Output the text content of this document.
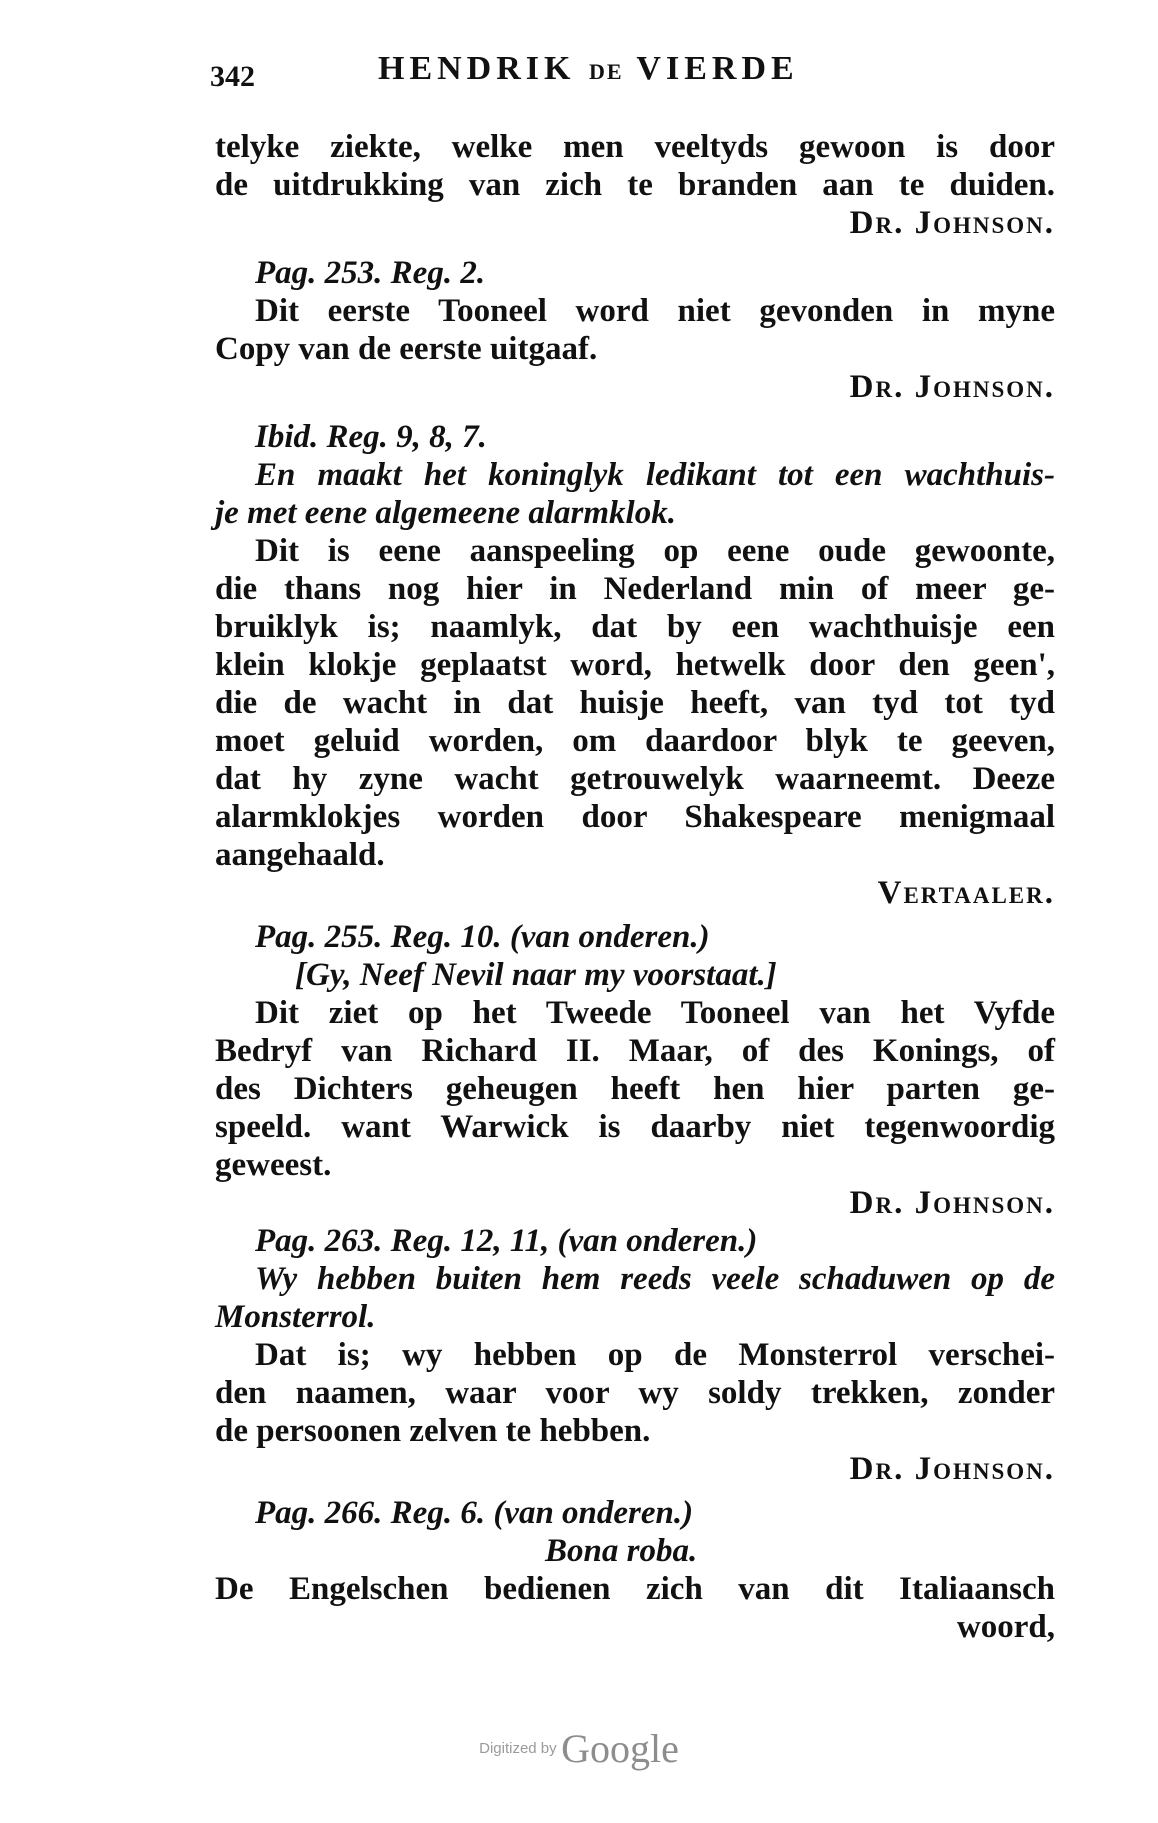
342	HENDRIK DE VIERDE
telyke ziekte, welke men veeltyds gewoon is door
de uitdrukking van zich te branden aan te duiden.
Dr. Johnson.
Pag. 253. Reg. 2.
Dit eerste Tooneel word niet gevonden in myne
Copy van de eerste uitgaaf.
Dr. Johnson.
Ibid. Reg. 9, 8, 7.
En maakt het koninglyk ledikant tot een wachthuis-
je met eene algemeene alarmklok.
Dit is eene aanspeeling op eene oude gewoonte,
die thans nog hier in Nederland min of meer ge-
bruiklyk is; naamlyk, dat by een wachthuisje een
klein klokje geplaatst word, hetwelk door den geen',
die de wacht in dat huisje heeft, van tyd tot tyd
moet geluid worden, om daardoor blyk te geeven,
dat hy zyne wacht getrouwelyk waarneemt. Deeze
alarmklokjes worden door Shakespeare menigmaal
aangehaald.
Vertaaler.
Pag. 255. Reg. 10. (van onderen.)
[Gy, Neef Nevil naar my voorstaat.]
Dit ziet op het Tweede Tooneel van het Vyfde
Bedryf van Richard II. Maar, of des Konings, of
des Dichters geheugen heeft hen hier parten ge-
speeld. want Warwick is daarby niet tegenwoordig
geweest.
Dr. Johnson.
Pag. 263. Reg. 12, 11, (van onderen.)
Wy hebben buiten hem reeds veele schaduwen op de
Monsterrol.
Dat is; wy hebben op de Monsterrol verschei-
den naamen, waar voor wy soldy trekken, zonder
de persoonen zelven te hebben.
Dr. Johnson.
Pag. 266. Reg. 6. (van onderen.)
Bona roba.
De Engelschen bedienen zich van dit Italiaansch
woord,
Digitized by Google
